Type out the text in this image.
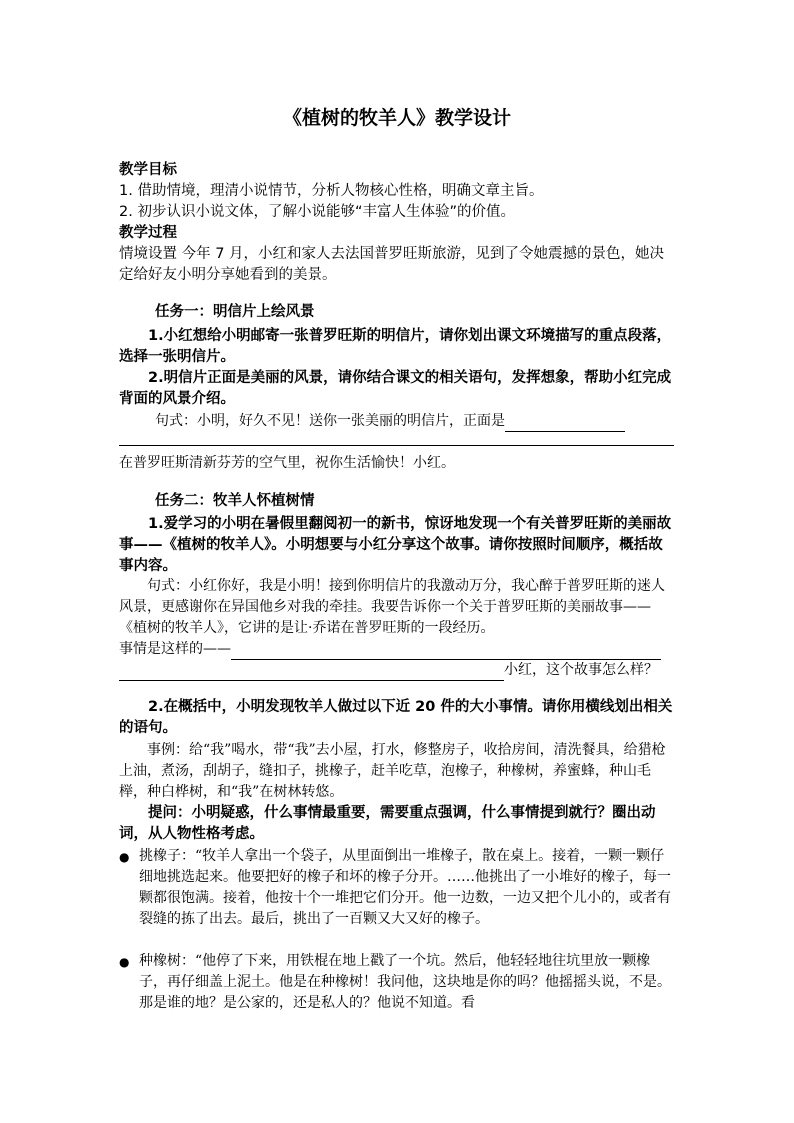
《植树的牧羊人》教学设计
教学目标
1. 借助情境，理清小说情节，分析人物核心性格，明确文章主旨。
2. 初步认识小说文体，了解小说能够“丰富人生体验”的价值。
教学过程
情境设置 今年 7 月，小红和家人去法国普罗旺斯旅游，见到了令她震撼的景色，她决定给好友小明分享她看到的美景。
任务一：明信片上绘风景
1.小红想给小明邮寄一张普罗旺斯的明信片，请你划出课文环境描写的重点段落，选择一张明信片。
2.明信片正面是美丽的风景，请你结合课文的相关语句，发挥想象，帮助小红完成背面的风景介绍。
句式：小明，好久不见！送你一张美丽的明信片，正面是
在普罗旺斯清新芬芳的空气里，祝你生活愉快！小红。
任务二：牧羊人怀植树情
1.爱学习的小明在暑假里翻阅初一的新书，惊讶地发现一个有关普罗旺斯的美丽故事——《植树的牧羊人》。小明想要与小红分享这个故事。请你按照时间顺序，概括故事内容。
句式：小红你好，我是小明！接到你明信片的我激动万分，我心醉于普罗旺斯的迷人风景，更感谢你在异国他乡对我的牵挂。我要告诉你一个关于普罗旺斯的美丽故事——《植树的牧羊人》，它讲的是让·乔诺在普罗旺斯的一段经历。
事情是这样的——
小红，这个故事怎么样？
2.在概括中，小明发现牧羊人做过以下近 20 件的大小事情。请你用横线划出相关的语句。
事例：给“我”喝水，带“我”去小屋，打水，修整房子，收拾房间，清洗餐具，给猎枪上油，煮汤，刮胡子，缝扣子，挑橡子，赶羊吃草，泡橡子，种橡树，养蜜蜂，种山毛榉，种白桦树，和“我”在树林转悠。
提问：小明疑惑，什么事情最重要，需要重点强调，什么事情提到就行？圈出动词，从人物性格考虑。
● 挑橡子：“牧羊人拿出一个袋子，从里面倒出一堆橡子，散在桌上。接着，一颗一颗仔细地挑选起来。他要把好的橡子和坏的橡子分开。……他挑出了一小堆好的橡子，每一颗都很饱满。接着，他按十个一堆把它们分开。他一边数，一边又把个儿小的，或者有裂缝的拣了出去。最后，挑出了一百颗又大又好的橡子。
● 种橡树：“他停了下来，用铁棍在地上戳了一个坑。然后，他轻轻地往坑里放一颗橡子，再仔细盖上泥土。他是在种橡树！我问他，这块地是你的吗？他摇摇头说，不是。那是谁的地？是公家的，还是私人的？他说不知道。看
